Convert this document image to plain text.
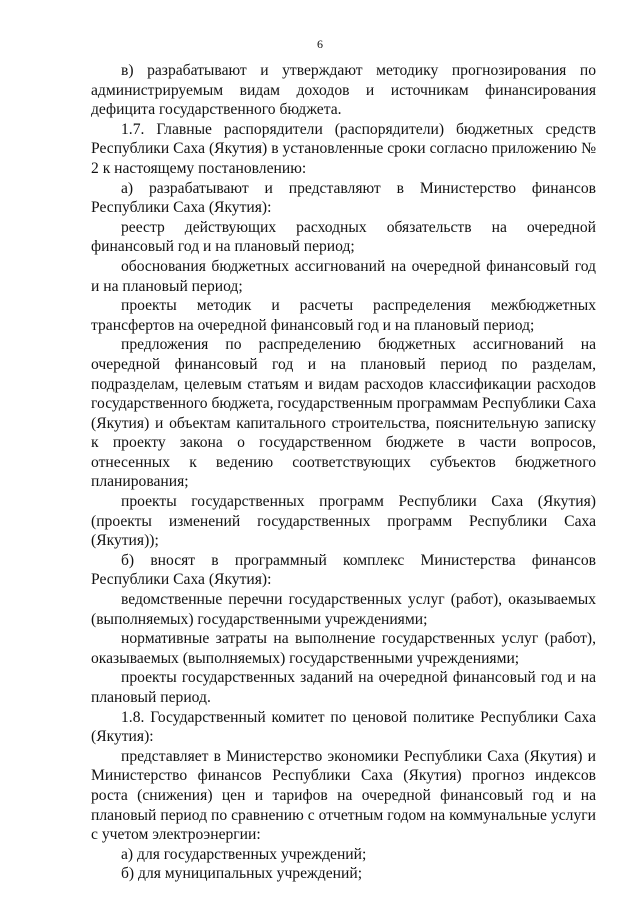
6

в) разрабатывают и утверждают методику прогнозирования по администрируемым видам доходов и источникам финансирования дефицита государственного бюджета.

1.7. Главные распорядители (распорядители) бюджетных средств Республики Саха (Якутия) в установленные сроки согласно приложению № 2 к настоящему постановлению:

а) разрабатывают и представляют в Министерство финансов Республики Саха (Якутия):

реестр действующих расходных обязательств на очередной финансовый год и на плановый период;

обоснования бюджетных ассигнований на очередной финансовый год и на плановый период;

проекты методик и расчеты распределения межбюджетных трансфертов на очередной финансовый год и на плановый период;

предложения по распределению бюджетных ассигнований на очередной финансовый год и на плановый период по разделам, подразделам, целевым статьям и видам расходов классификации расходов государственного бюджета, государственным программам Республики Саха (Якутия) и объектам капитального строительства, пояснительную записку к проекту закона о государственном бюджете в части вопросов, отнесенных к ведению соответствующих субъектов бюджетного планирования;

проекты государственных программ Республики Саха (Якутия) (проекты изменений государственных программ Республики Саха (Якутия));

б) вносят в программный комплекс Министерства финансов Республики Саха (Якутия):

ведомственные перечни государственных услуг (работ), оказываемых (выполняемых) государственными учреждениями;

нормативные затраты на выполнение государственных услуг (работ), оказываемых (выполняемых) государственными учреждениями;

проекты государственных заданий на очередной финансовый год и на плановый период.

1.8. Государственный комитет по ценовой политике Республики Саха (Якутия):

представляет в Министерство экономики Республики Саха (Якутия) и Министерство финансов Республики Саха (Якутия) прогноз индексов роста (снижения) цен и тарифов на очередной финансовый год и на плановый период по сравнению с отчетным годом на коммунальные услуги с учетом электроэнергии:

а) для государственных учреждений;

б) для муниципальных учреждений;
